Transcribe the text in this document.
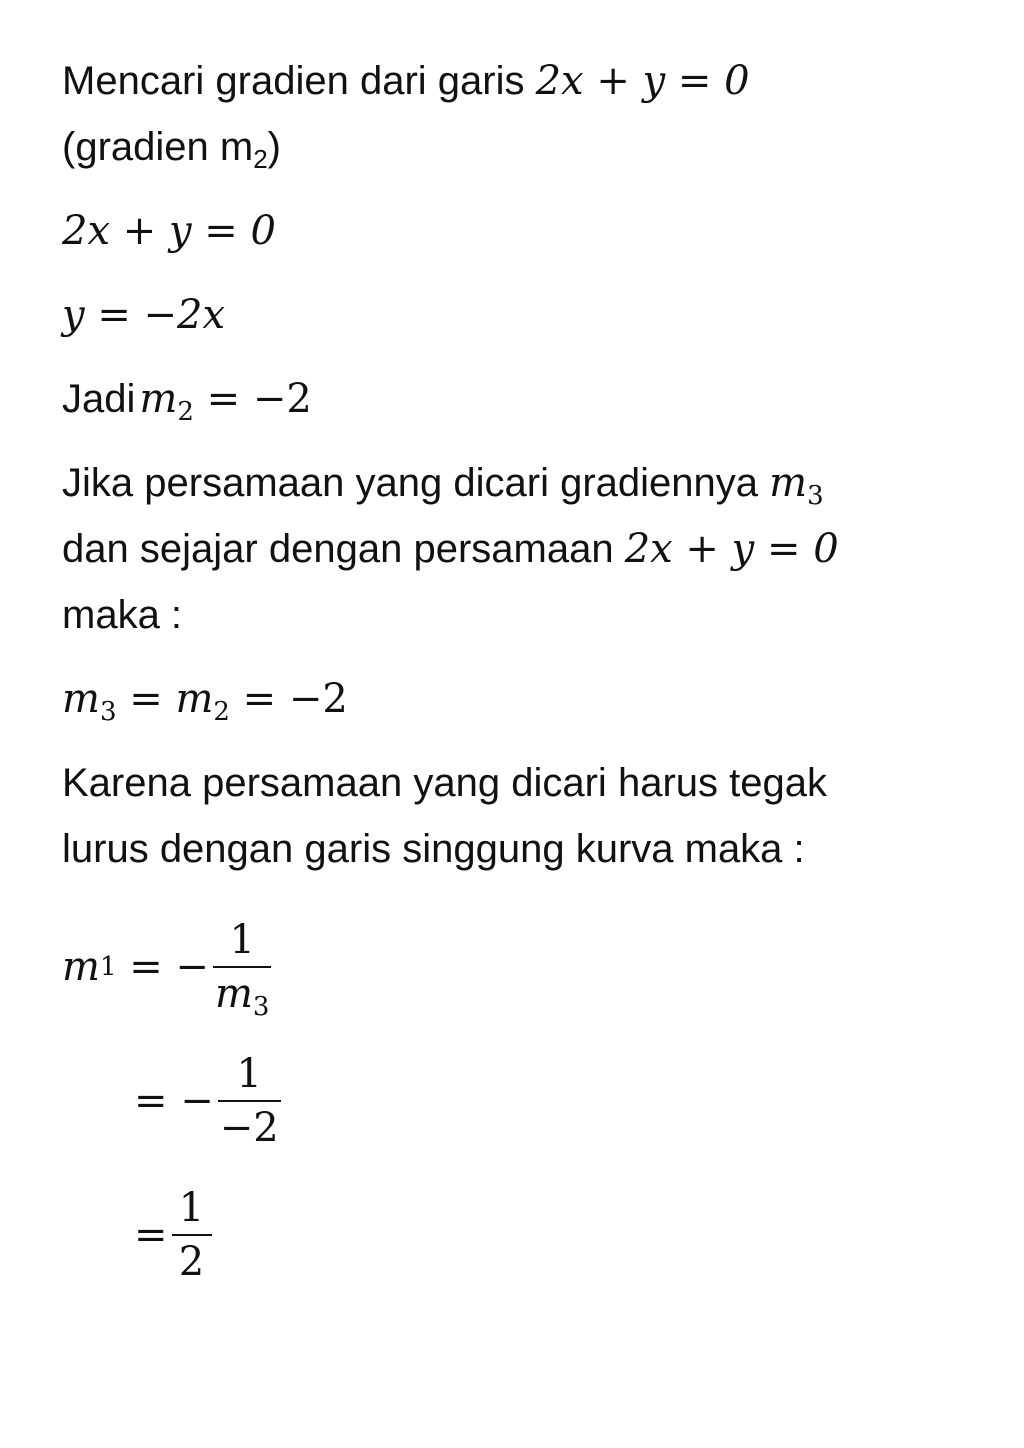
Mencari gradien dari garis 2x + y = 0
(gradien $m_2$)
2x + y = 0
y = −2x
Jadi $m_2 = -2$
Jika persamaan yang dicari gradiennya $m_3$
dan sejajar dengan persamaan 2x + y = 0
maka :
$m_3 = m_2 = -2$
Karena persamaan yang dicari harus tegak
lurus dengan garis singgung kurva maka :
m 1 = − $\frac{1}{m_3}$
= − $\frac{1}{-2}$
= $\frac{1}{2}$
